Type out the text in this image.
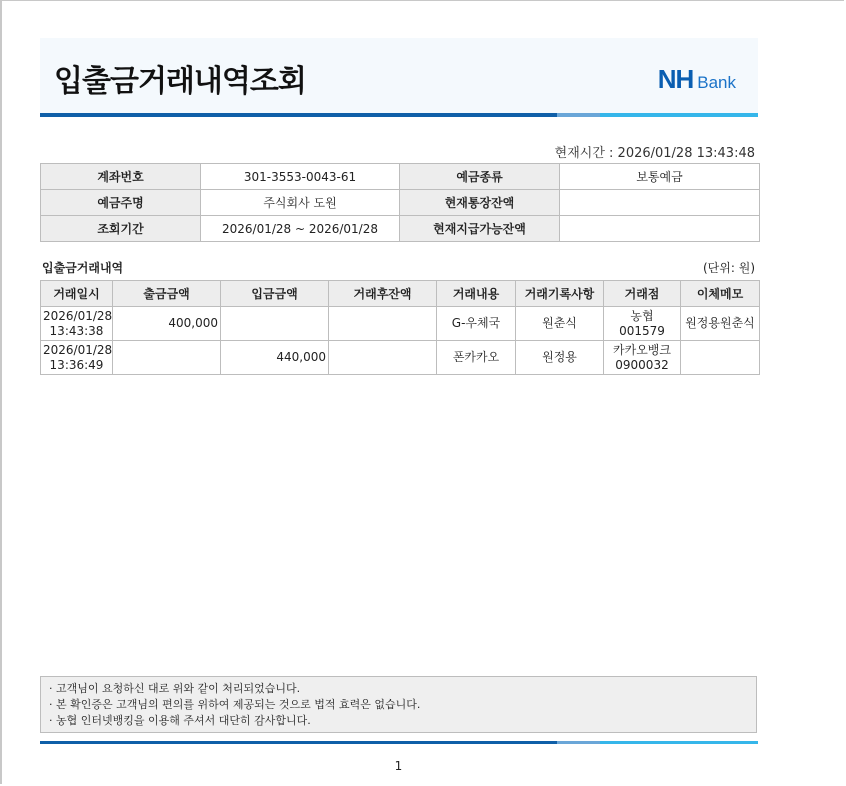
입출금거래내역조회	NH Bank
현재시간 : 2026/01/28 13:43:48
계좌번호	301-3553-0043-61	예금종류	보통예금
예금주명	주식회사 도원	현재통장잔액	
조회기간	2026/01/28 ~ 2026/01/28	현재지급가능잔액	
입출금거래내역	(단위: 원)
거래일시	출금금액	입금금액	거래후잔액	거래내용	거래기록사항	거래점	이체메모
2026/01/28
13:43:38	400,000			G-우체국	원춘식	농협 001579	원정용원춘식
2026/01/28
13:36:49		440,000		폰카카오	원정용	카카오뱅크
0900032	
· 고객님이 요청하신 대로 위와 같이 처리되었습니다.
· 본 확인증은 고객님의 편의를 위하여 제공되는 것으로 법적 효력은 없습니다.
· 농협 인터넷뱅킹을 이용해 주셔서 대단히 감사합니다.
1
